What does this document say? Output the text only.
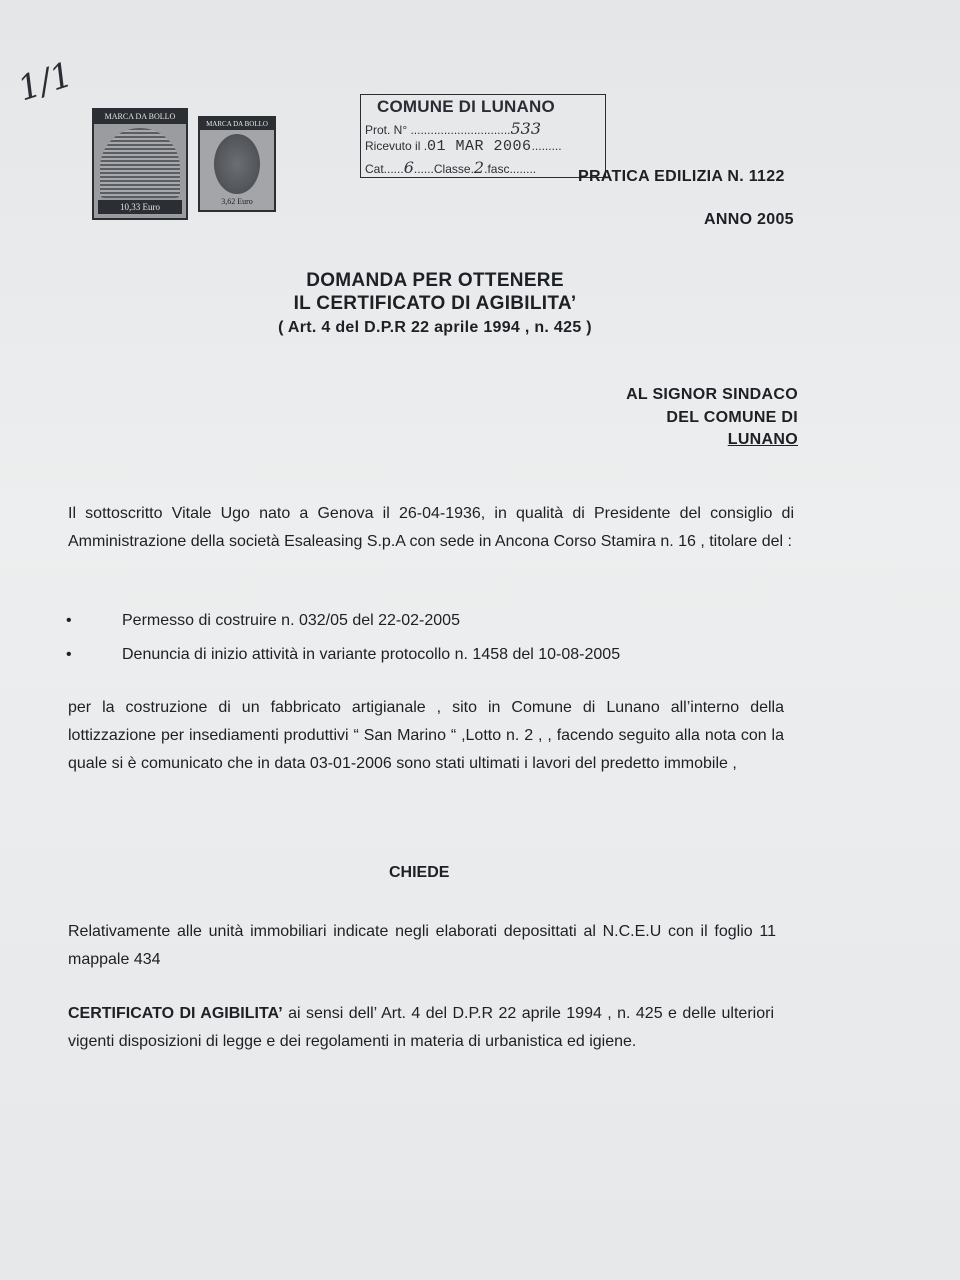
1/1
MARCA DA BOLLO
10,33 Euro
MARCA DA BOLLO
3,62 Euro
COMUNE DI LUNANO
Prot. N° ..............................533
Ricevuto il .01 MAR 2006.........
Cat......6......Classe.2.fasc........	PRATICA EDILIZIA N. 1122
ANNO 2005
DOMANDA PER OTTENERE
IL CERTIFICATO DI AGIBILITA’
( Art. 4 del D.P.R 22 aprile 1994 , n. 425 )
AL SIGNOR SINDACO
DEL COMUNE DI
LUNANO
Il sottoscritto Vitale Ugo nato a Genova il 26-04-1936, in qualità di Presidente del consiglio di Amministrazione della società Esaleasing S.p.A con sede in Ancona Corso Stamira n. 16 , titolare del :
•	Permesso di costruire n. 032/05 del 22-02-2005
•	Denuncia di inizio attività in variante protocollo n. 1458 del 10-08-2005
per la costruzione di un fabbricato artigianale , sito in Comune di Lunano all’interno della lottizzazione per insediamenti produttivi “ San Marino “ ,Lotto n. 2 , , facendo seguito alla nota con la quale si è comunicato che in data 03-01-2006 sono stati ultimati i lavori del predetto immobile ,
CHIEDE
Relativamente alle unità immobiliari indicate negli elaborati deposittati al N.C.E.U con il foglio 11 mappale 434
CERTIFICATO DI AGIBILITA’ ai sensi dell’ Art. 4 del D.P.R 22 aprile 1994 , n. 425 e delle ulteriori vigenti disposizioni di legge e dei regolamenti in materia di urbanistica ed igiene.
